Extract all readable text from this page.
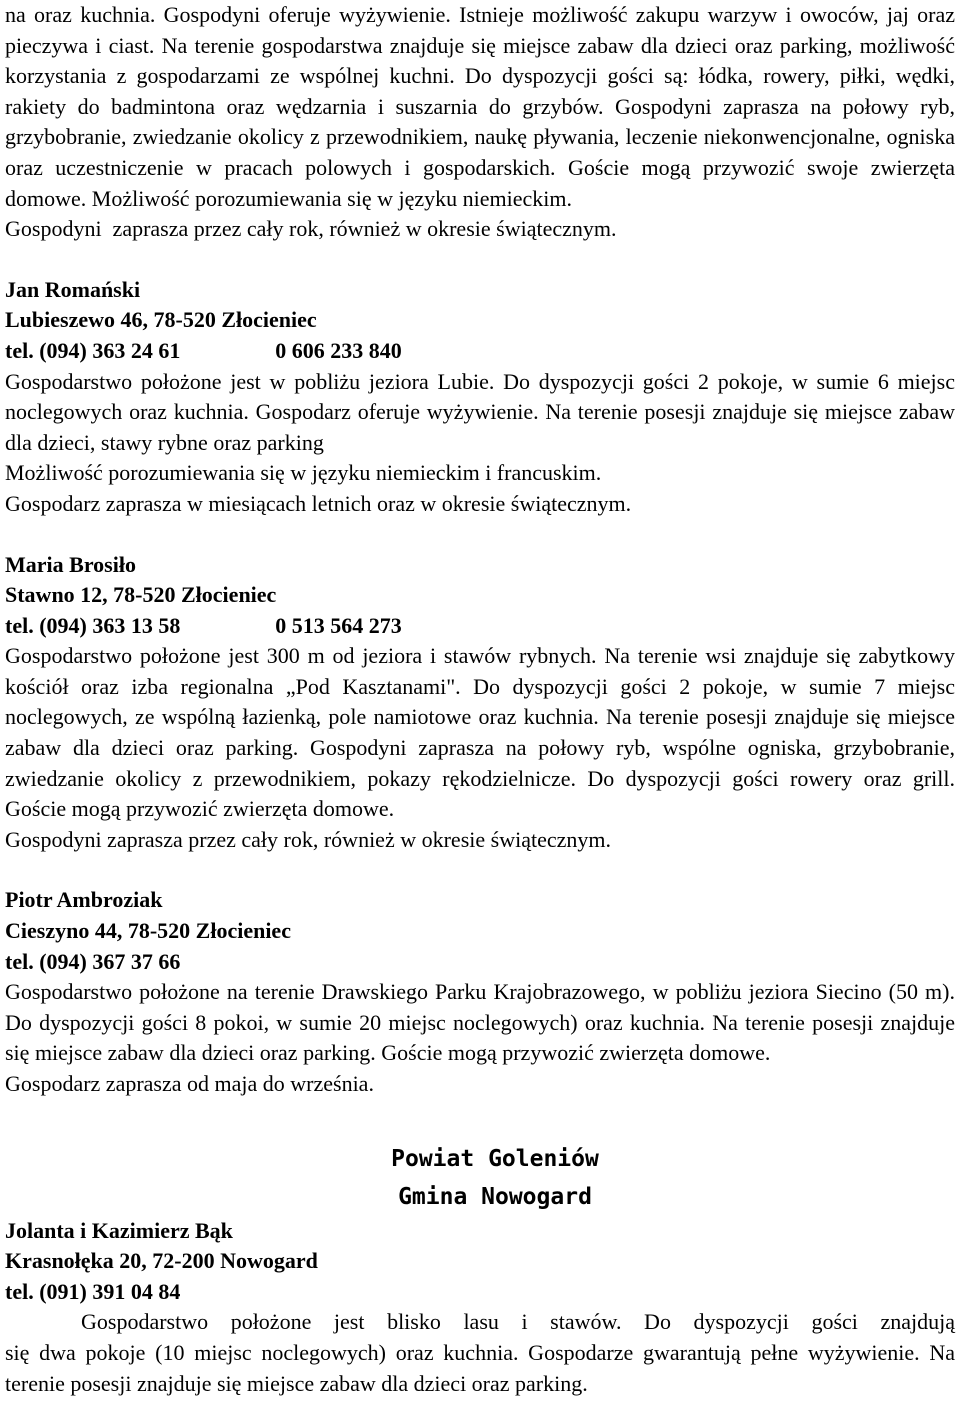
na oraz kuchnia. Gospodyni oferuje wyżywienie. Istnieje możliwość zakupu warzyw i owoców, jaj oraz pieczywa i ciast. Na terenie gospodarstwa znajduje się miejsce zabaw dla dzieci oraz parking, możliwość korzystania z gospodarzami ze wspólnej kuchni. Do dyspozycji gości są: łódka, rowery, piłki, wędki, rakiety do badmintona oraz wędzarnia i suszarnia do grzybów. Gospodyni zaprasza na połowy ryb, grzybobranie, zwiedzanie okolicy z przewodnikiem, naukę pływania, leczenie niekonwencjonalne, ogniska oraz uczestniczenie w pracach polowych i gospodarskich. Goście mogą przywozić swoje zwierzęta domowe. Możliwość porozumiewania się w języku niemieckim.

Gospodyni  zaprasza przez cały rok, również w okresie świątecznym.

Jan Romański

Lubieszewo 46, 78-520 Złocieniec

tel. (094) 363 24 61	0 606 233 840

Gospodarstwo położone jest w pobliżu jeziora Lubie. Do dyspozycji gości 2 pokoje, w sumie 6 miejsc noclegowych oraz kuchnia. Gospodarz oferuje wyżywienie. Na terenie posesji znajduje się miejsce zabaw dla dzieci, stawy rybne oraz parking

Możliwość porozumiewania się w języku niemieckim i francuskim.

Gospodarz zaprasza w miesiącach letnich oraz w okresie świątecznym.

Maria Brosiło

Stawno 12, 78-520 Złocieniec

tel. (094) 363 13 58	0 513 564 273

Gospodarstwo położone jest 300 m od jeziora i stawów rybnych. Na terenie wsi znajduje się zabytkowy kościół oraz izba regionalna „Pod Kasztanami". Do dyspozycji gości 2 pokoje, w sumie 7 miejsc noclegowych, ze wspólną łazienką, pole namiotowe oraz kuchnia. Na terenie posesji znajduje się miejsce zabaw dla dzieci oraz parking. Gospodyni zaprasza na połowy ryb, wspólne ogniska, grzybobranie, zwiedzanie okolicy z przewodnikiem, pokazy rękodzielnicze. Do dyspozycji gości rowery oraz grill. Goście mogą przywozić zwierzęta domowe.

Gospodyni zaprasza przez cały rok, również w okresie świątecznym.

Piotr Ambroziak

Cieszyno 44, 78-520 Złocieniec

tel. (094) 367 37 66

Gospodarstwo położone na terenie Drawskiego Parku Krajobrazowego, w pobliżu jeziora Siecino (50 m). Do dyspozycji gości 8 pokoi, w sumie 20 miejsc noclegowych) oraz kuchnia. Na terenie posesji znajduje się miejsce zabaw dla dzieci oraz parking. Goście mogą przywozić zwierzęta domowe.

Gospodarz zaprasza od maja do września.

Powiat Goleniów

Gmina Nowogard

Jolanta i Kazimierz Bąk

Krasnołęka 20, 72-200 Nowogard

tel. (091) 391 04 84

Gospodarstwo położone jest blisko lasu i stawów. Do dyspozycji gości znajdują

się dwa pokoje (10 miejsc noclegowych) oraz kuchnia. Gospodarze gwarantują pełne wyżywienie. Na terenie posesji znajduje się miejsce zabaw dla dzieci oraz parking.
